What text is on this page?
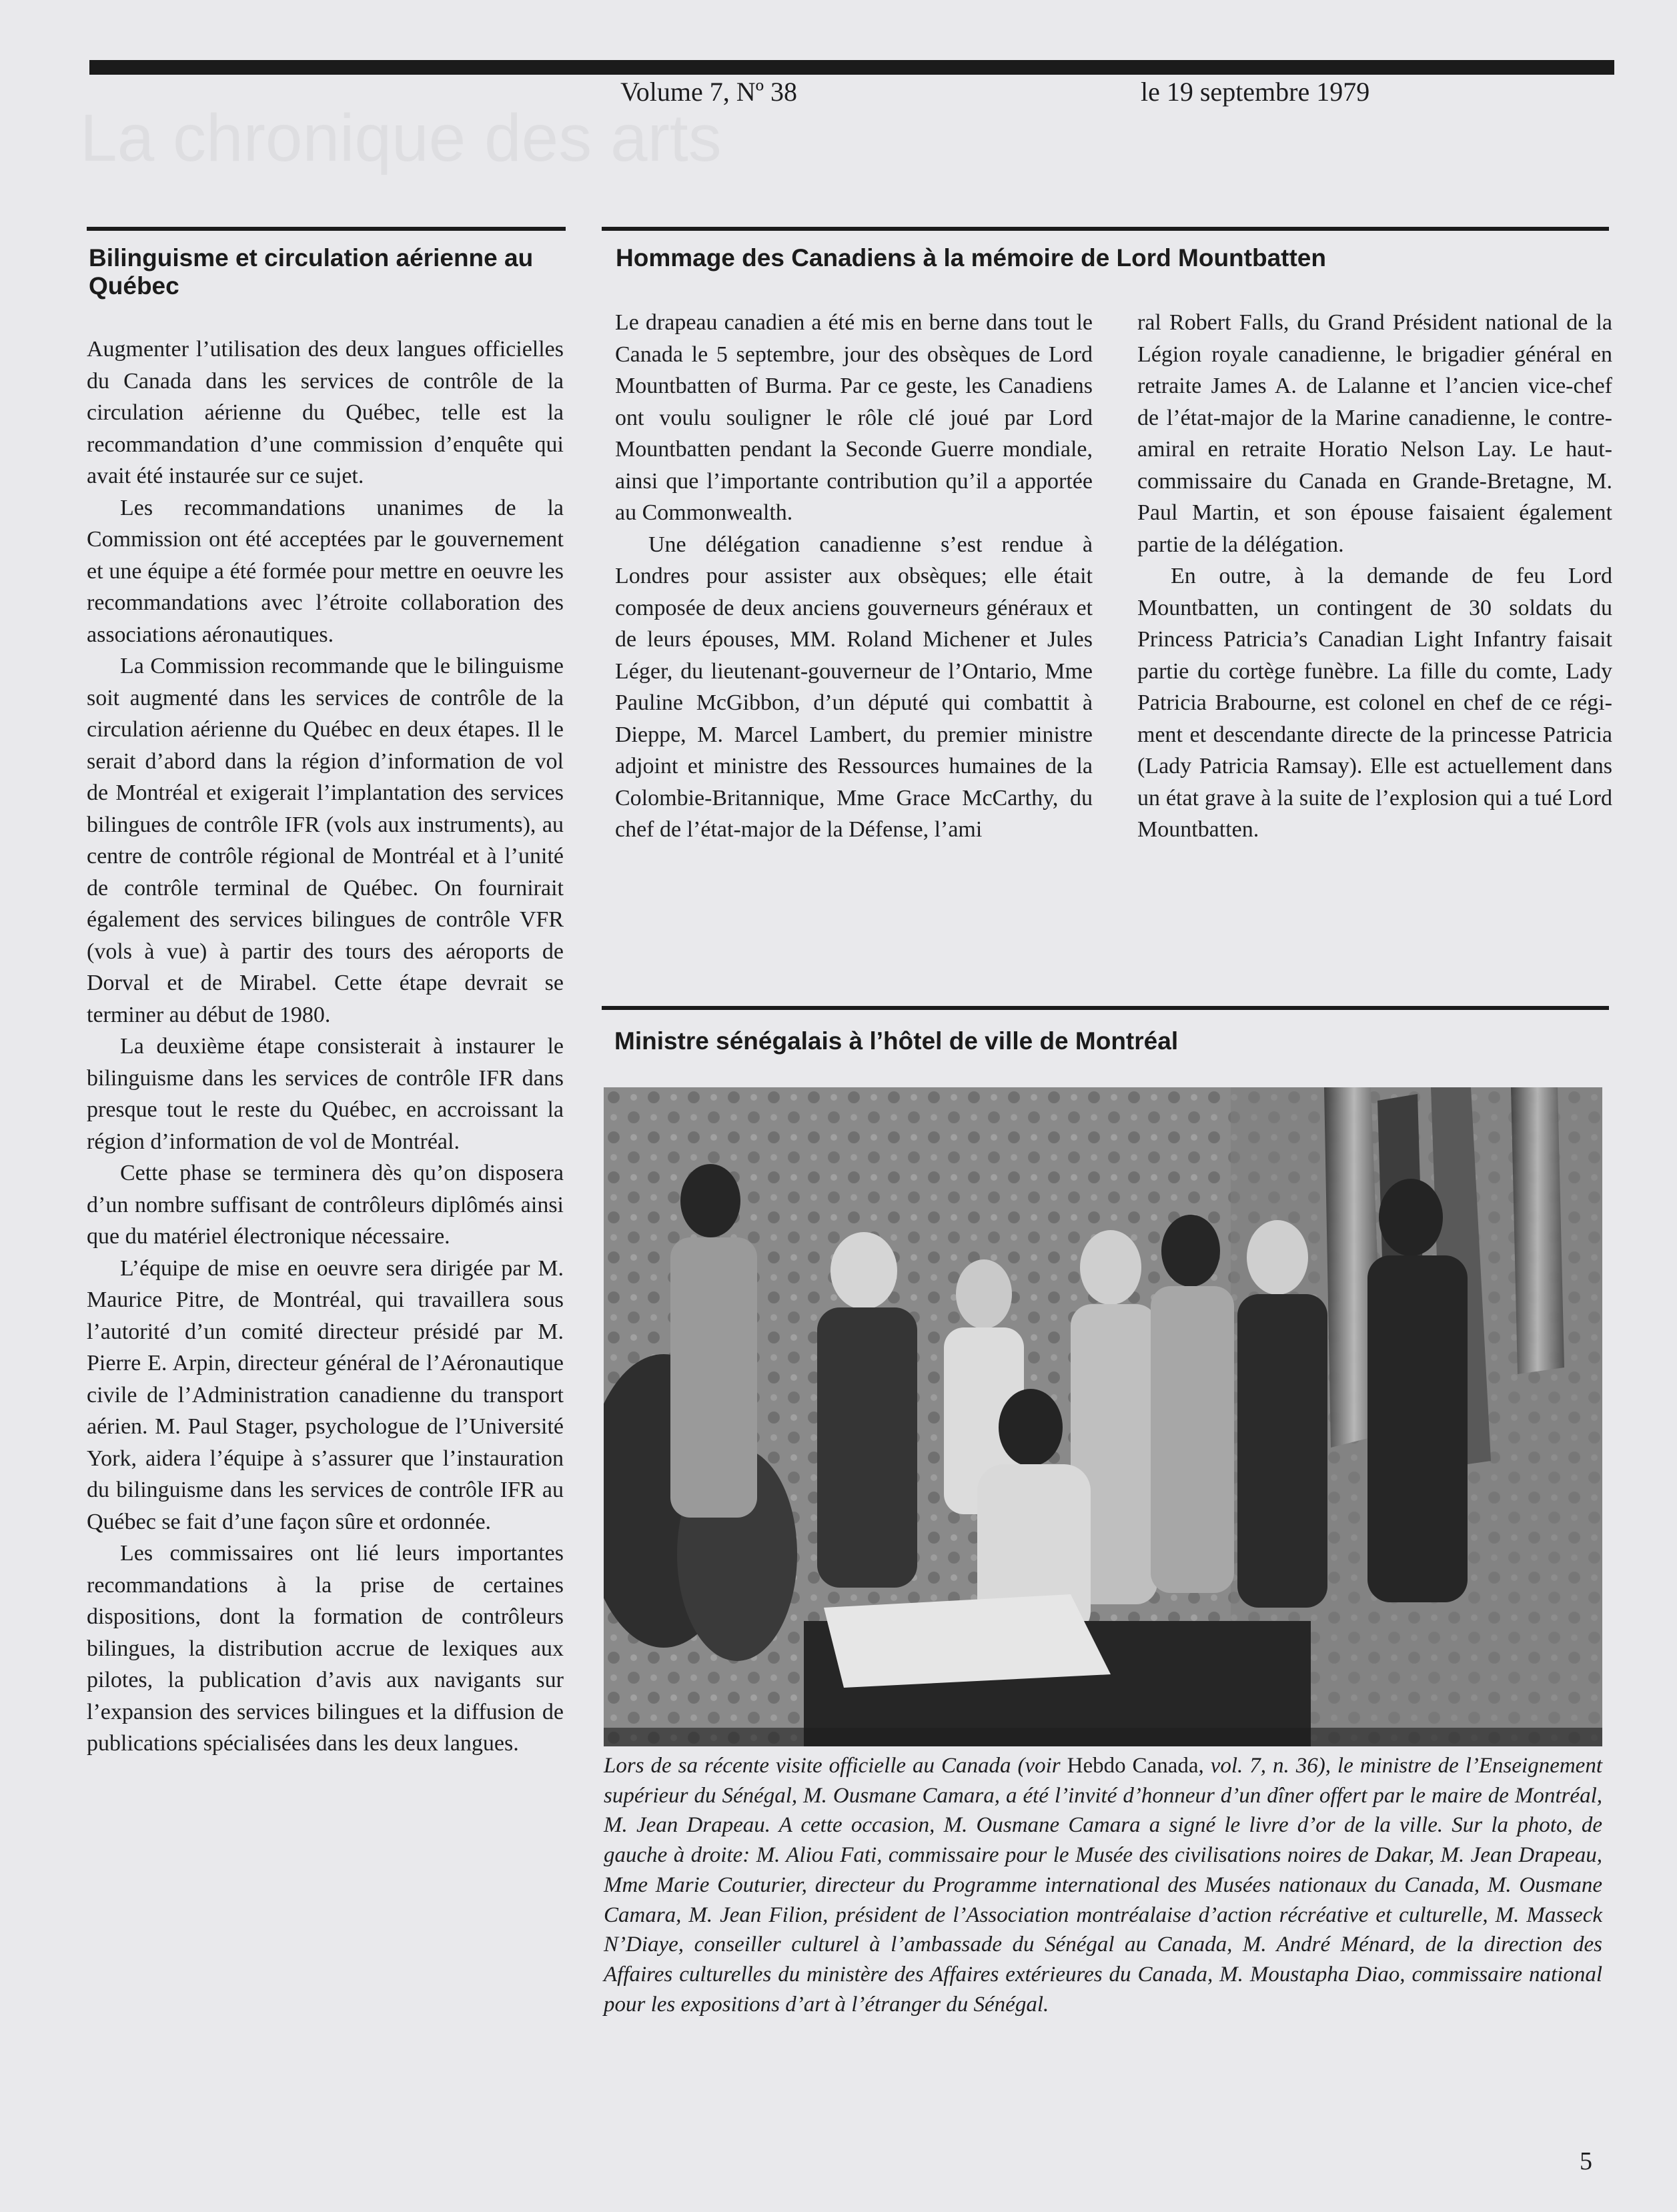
Volume 7, Nº 38	le 19 septembre 1979
Bilinguisme et circulation aérienne au Québec

Augmenter l’utilisation des deux langues officielles du Canada dans les services de contrôle de la circulation aérienne du Québec, telle est la recommandation d’une commission d’enquête qui avait été instaurée sur ce sujet.

Les recommandations unanimes de la Commission ont été acceptées par le gouvernement et une équipe a été formée pour mettre en oeuvre les recommandations avec l’étroite collaboration des associations aéronautiques.

La Commission recommande que le bilinguisme soit augmenté dans les services de contrôle de la circulation aérienne du Québec en deux étapes. Il le serait d’abord dans la région d’information de vol de Montréal et exigerait l’implantation des services bilingues de contrôle IFR (vols aux instruments), au centre de contrôle régional de Montréal et à l’unité de contrôle terminal de Québec. On fournirait également des services bilingues de contrôle VFR (vols à vue) à partir des tours des aéroports de Dorval et de Mirabel. Cette étape devrait se terminer au début de 1980.

La deuxième étape consisterait à instaurer le bilinguisme dans les services de contrôle IFR dans presque tout le reste du Québec, en accroissant la région d’information de vol de Montréal.

Cette phase se terminera dès qu’on disposera d’un nombre suffisant de contrôleurs diplômés ainsi que du matériel électronique nécessaire.

L’équipe de mise en oeuvre sera dirigée par M. Maurice Pitre, de Montréal, qui travaillera sous l’autorité d’un comité directeur présidé par M. Pierre E. Arpin, directeur général de l’Aéronautique civile de l’Administration canadienne du transport aérien. M. Paul Stager, psychologue de l’Université York, aidera l’équipe à s’assurer que l’instauration du bilinguisme dans les services de contrôle IFR au Québec se fait d’une façon sûre et ordonnée.

Les commissaires ont lié leurs importantes recommandations à la prise de certaines dispositions, dont la formation de contrôleurs bilingues, la distribution accrue de lexiques aux pilotes, la publication d’avis aux navigants sur l’expansion des services bilingues et la diffusion de publications spécialisées dans les deux langues.

Hommage des Canadiens à la mémoire de Lord Mountbatten

Le drapeau canadien a été mis en berne dans tout le Canada le 5 septembre, jour des obsèques de Lord Mountbatten of Burma. Par ce geste, les Canadiens ont voulu souligner le rôle clé joué par Lord Mountbatten pendant la Seconde Guerre mondiale, ainsi que l’importante contribution qu’il a apportée au Commonwealth.

Une délégation canadienne s’est rendue à Londres pour assister aux obsèques; elle était composée de deux anciens gouverneurs généraux et de leurs épouses, MM. Roland Michener et Jules Léger, du lieutenant-gouverneur de l’Ontario, Mme Pauline McGibbon, d’un député qui combattit à Dieppe, M. Marcel Lambert, du premier ministre adjoint et ministre des Ressources humaines de la Colombie-Britannique, Mme Grace McCarthy, du chef de l’état-major de la Défense, l’ami

ral Robert Falls, du Grand Président national de la Légion royale canadienne, le brigadier général en retraite James A. de Lalanne et l’ancien vice-chef de l’état-major de la Marine canadienne, le contre-amiral en retraite Horatio Nelson Lay. Le haut-commissaire du Canada en Grande-Bretagne, M. Paul Martin, et son épouse faisaient également partie de la délégation.

En outre, à la demande de feu Lord Mountbatten, un contingent de 30 soldats du Princess Patricia’s Canadian Light Infantry faisait partie du cortège funèbre. La fille du comte, Lady Patricia Brabourne, est colonel en chef de ce régiment et descendante directe de la princesse Patricia (Lady Patricia Ramsay). Elle est actuellement dans un état grave à la suite de l’explosion qui a tué Lord Mountbatten.

Ministre sénégalais à l’hôtel de ville de Montréal
Lors de sa récente visite officielle au Canada (voir Hebdo Canada, vol. 7, n. 36), le ministre de l’Enseignement supérieur du Sénégal, M. Ousmane Camara, a été l’invité d’honneur d’un dîner offert par le maire de Montréal, M. Jean Drapeau. A cette occasion, M. Ousmane Camara a signé le livre d’or de la ville. Sur la photo, de gauche à droite: M. Aliou Fati, commissaire pour le Musée des civilisations noires de Dakar, M. Jean Drapeau, Mme Marie Couturier, directeur du Programme international des Musées nationaux du Canada, M. Ousmane Camara, M. Jean Filion, président de l’Association montréalaise d’action récréative et culturelle, M. Masseck N’Diaye, conseiller culturel à l’ambassade du Sénégal au Canada, M. André Ménard, de la direction des Affaires culturelles du ministère des Affaires extérieures du Canada, M. Moustapha Diao, commissaire national pour les expositions d’art à l’étranger du Sénégal.
5
